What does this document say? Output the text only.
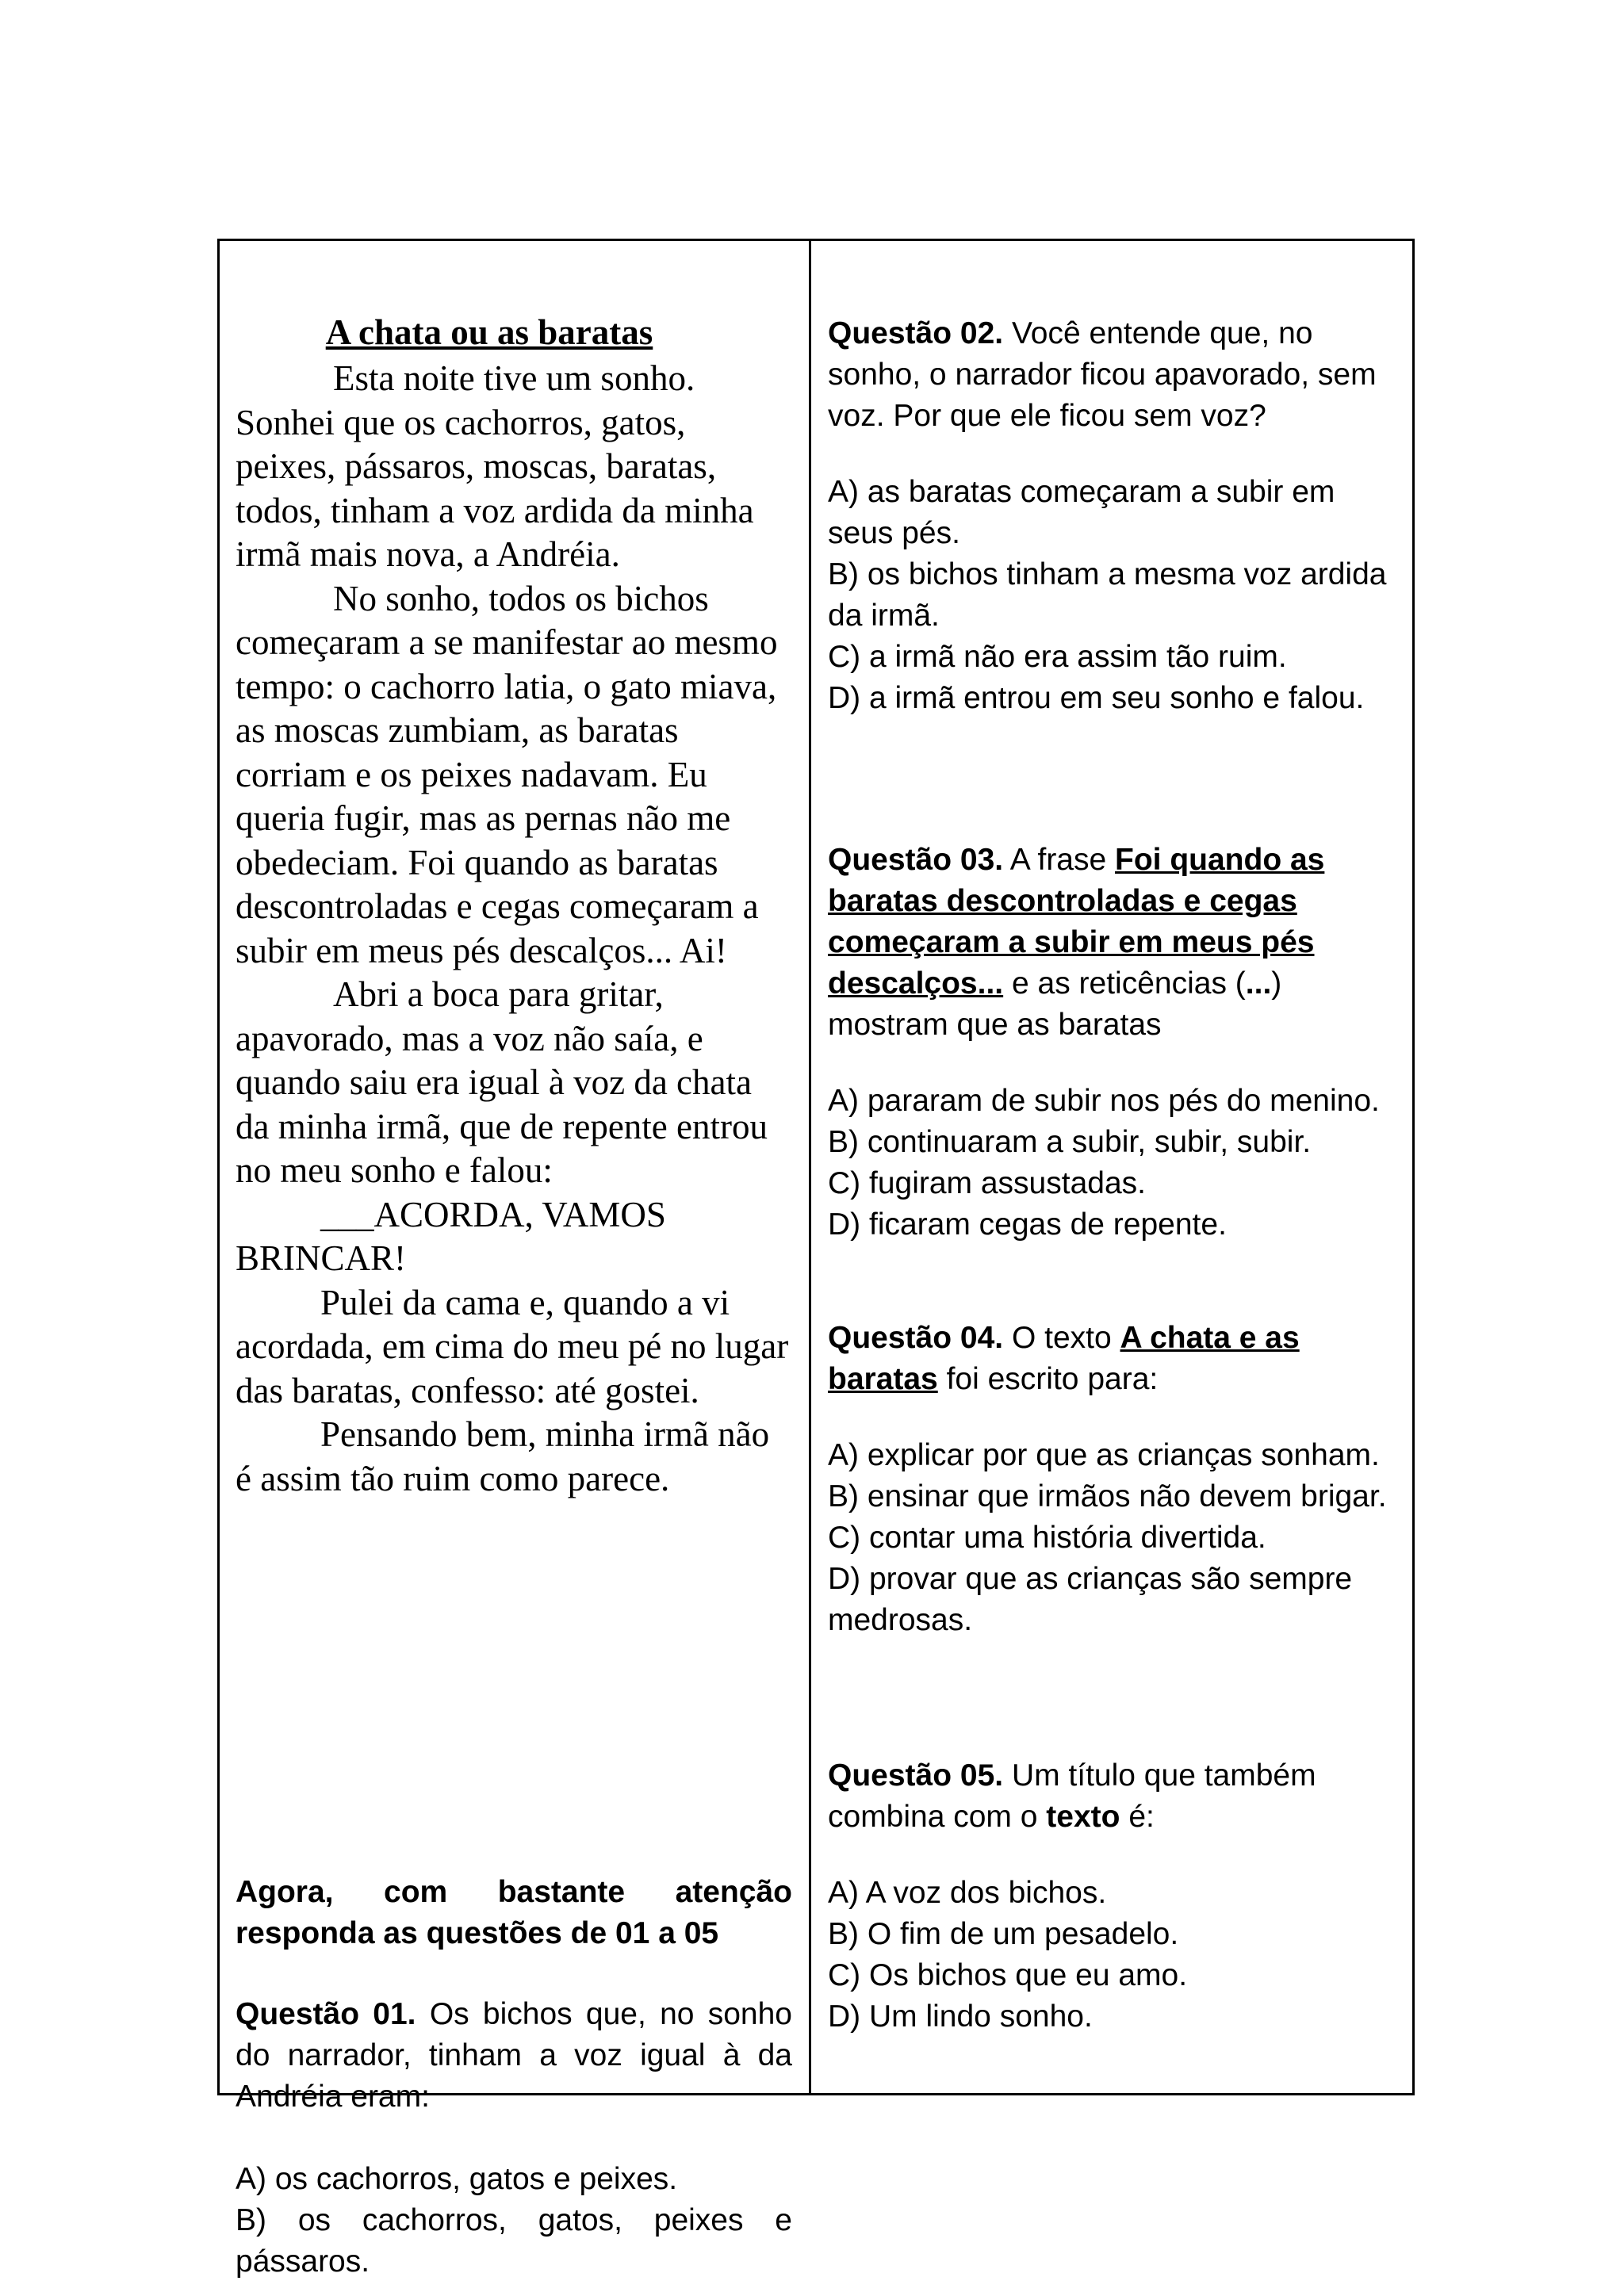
A chata ou as baratas

Esta noite tive um sonho. Sonhei que os cachorros, gatos, peixes, pássaros, moscas, baratas, todos, tinham a voz ardida da minha irmã mais nova, a Andréia.

No sonho, todos os bichos começaram a se manifestar ao mesmo tempo: o cachorro latia, o gato miava, as moscas zumbiam, as baratas corriam e os peixes nadavam. Eu queria fugir, mas as pernas não me obedeciam. Foi quando as baratas descontroladas e cegas começaram a subir em meus pés descalços... Ai!

Abri a boca para gritar, apavorado, mas a voz não saía, e quando saiu era igual à voz da chata da minha irmã, que de repente entrou no meu sonho e falou:

___ACORDA, VAMOS BRINCAR!

Pulei da cama e, quando a vi acordada, em cima do meu pé no lugar das baratas, confesso: até gostei.

Pensando bem, minha irmã não é assim tão ruim como parece.

Agora, com bastante atenção responda as questões de 01 a 05

Questão 01. Os bichos que, no sonho do narrador, tinham a voz igual à da Andréia eram:

A) os cachorros, gatos e peixes.

B) os cachorros, gatos, peixes e pássaros.

Questão 02. Você entende que, no sonho, o narrador ficou apavorado, sem voz. Por que ele ficou sem voz?

A) as baratas começaram a subir em seus pés.

B) os bichos tinham a mesma voz ardida da irmã.

C) a irmã não era assim tão ruim.

D) a irmã entrou em seu sonho e falou.

Questão 03. A frase Foi quando as baratas descontroladas e cegas começaram a subir em meus pés descalços... e as reticências (...) mostram que as baratas

A) pararam de subir nos pés do menino.

B) continuaram a subir, subir, subir.

C) fugiram assustadas.

D) ficaram cegas de repente.

Questão 04. O texto A chata e as baratas foi escrito para:

A) explicar por que as crianças sonham.

B) ensinar que irmãos não devem brigar.

C) contar uma história divertida.

D) provar que as crianças são sempre medrosas.

Questão 05. Um título que também combina com o texto é:

A) A voz dos bichos.

B) O fim de um pesadelo.

C) Os bichos que eu amo.

D) Um lindo sonho.
